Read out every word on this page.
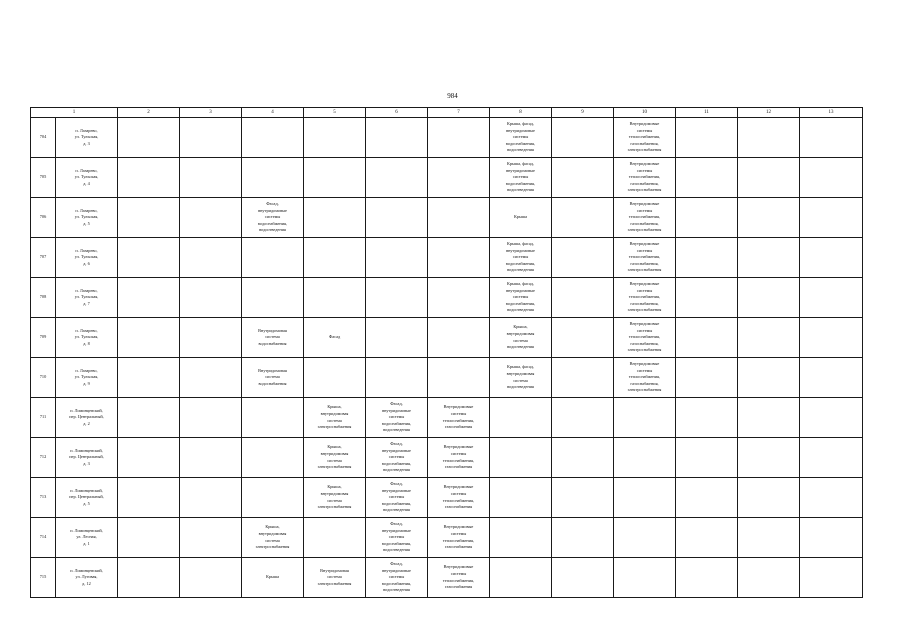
984
1		2	3	4	5	6	7	8	9	10	11	12	13
704	п. Лазарево,
ул. Тульская,
д. 3							Крыша, фасад,
внутридомовые
системы
водоснабжения,
водоотведения		Внутридомовые
системы
теплоснабжения,
газоснабжения,
электроснабжения			
705	п. Лазарево,
ул. Тульская,
д. 4							Крыша, фасад,
внутридомовые
системы
водоснабжения,
водоотведения		Внутридомовые
системы
теплоснабжения,
газоснабжения,
электроснабжения			
706	п. Лазарево,
ул. Тульская,
д. 5			Фасад,
внутридомовые
системы
водоснабжения,
водоотведения				Крыша		Внутридомовые
системы
теплоснабжения,
газоснабжения,
электроснабжения			
707	п. Лазарево,
ул. Тульская,
д. 6							Крыша, фасад,
внутридомовые
системы
водоснабжения,
водоотведения		Внутридомовые
системы
теплоснабжения,
газоснабжения,
электроснабжения			
708	п. Лазарево,
ул. Тульская,
д. 7							Крыша, фасад,
внутридомовые
системы
водоснабжения,
водоотведения		Внутридомовые
системы
теплоснабжения,
газоснабжения,
электроснабжения			
709	п. Лазарево,
ул. Тульская,
д. 8			Внутридомовая
система
водоснабжения	Фасад			Крыша,
внутридомовая
система
водоотведения		Внутридомовые
системы
теплоснабжения,
газоснабжения,
электроснабжения			
710	п. Лазарево,
ул. Тульская,
д. 9			Внутридомовая
система
водоснабжения				Крыша, фасад,
внутридомовая
система
водоотведения		Внутридомовые
системы
теплоснабжения,
газоснабжения,
электроснабжения			
711	п. Ломинцевский,
пер. Центральный,
д. 2				Крыша,
внутридомовая
система
электроснабжения	Фасад,
внутридомовые
системы
водоснабжения,
водоотведения	Внутридомовые
системы
теплоснабжения,
газоснабжения						
712	п. Ломинцевский,
пер. Центральный,
д. 3				Крыша,
внутридомовая
система
электроснабжения	Фасад,
внутридомовые
системы
водоснабжения,
водоотведения	Внутридомовые
системы
теплоснабжения,
газоснабжения						
713	п. Ломинцевский,
пер. Центральный,
д. 5				Крыша,
внутридомовая
система
электроснабжения	Фасад,
внутридомовые
системы
водоснабжения,
водоотведения	Внутридомовые
системы
теплоснабжения,
газоснабжения						
714	п. Ломинцевский,
ул. Лесная,
д. 1			Крыша,
внутридомовая
система
электроснабжения		Фасад,
внутридомовые
системы
водоснабжения,
водоотведения	Внутридомовые
системы
теплоснабжения,
газоснабжения						
715	п. Ломинцевский,
ул. Луговая,
д. 12			Крыша	Внутридомовая
система
электроснабжения	Фасад,
внутридомовые
системы
водоснабжения,
водоотведения	Внутридомовые
системы
теплоснабжения,
газоснабжения						
